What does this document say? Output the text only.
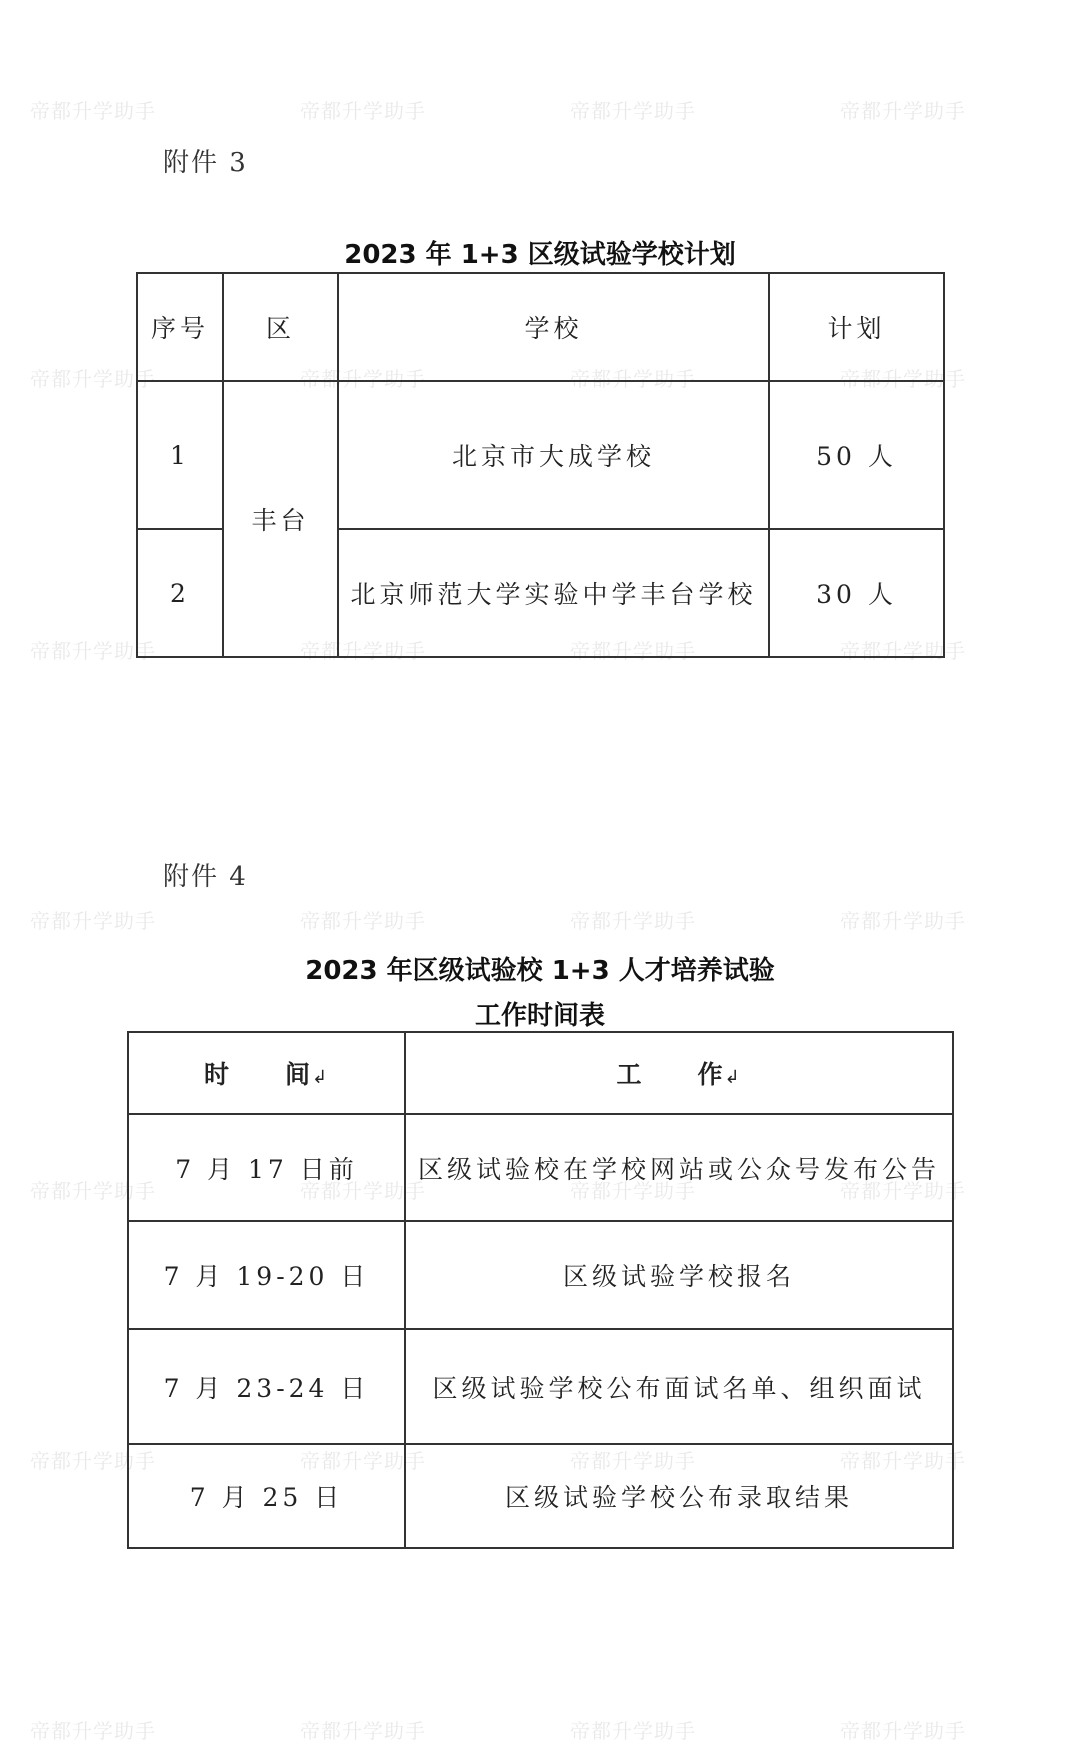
帝都升学助手	帝都升学助手	帝都升学助手	帝都升学助手
帝都升学助手	帝都升学助手	帝都升学助手	帝都升学助手
帝都升学助手	帝都升学助手	帝都升学助手	帝都升学助手
帝都升学助手	帝都升学助手	帝都升学助手	帝都升学助手
帝都升学助手	帝都升学助手	帝都升学助手	帝都升学助手
帝都升学助手	帝都升学助手	帝都升学助手	帝都升学助手
帝都升学助手	帝都升学助手	帝都升学助手	帝都升学助手
附件 3
2023 年 1+3 区级试验学校计划
序号	区	学校	计划
1	丰台	北京市大成学校	50 人
2		北京师范大学实验中学丰台学校	30 人
附件 4
2023 年区级试验校 1+3 人才培养试验
工作时间表
时　　间↲	工　　作↲
7 月 17 日前	区级试验校在学校网站或公众号发布公告
7 月 19-20 日	区级试验学校报名
7 月 23-24 日	区级试验学校公布面试名单、组织面试
7 月 25 日	区级试验学校公布录取结果
